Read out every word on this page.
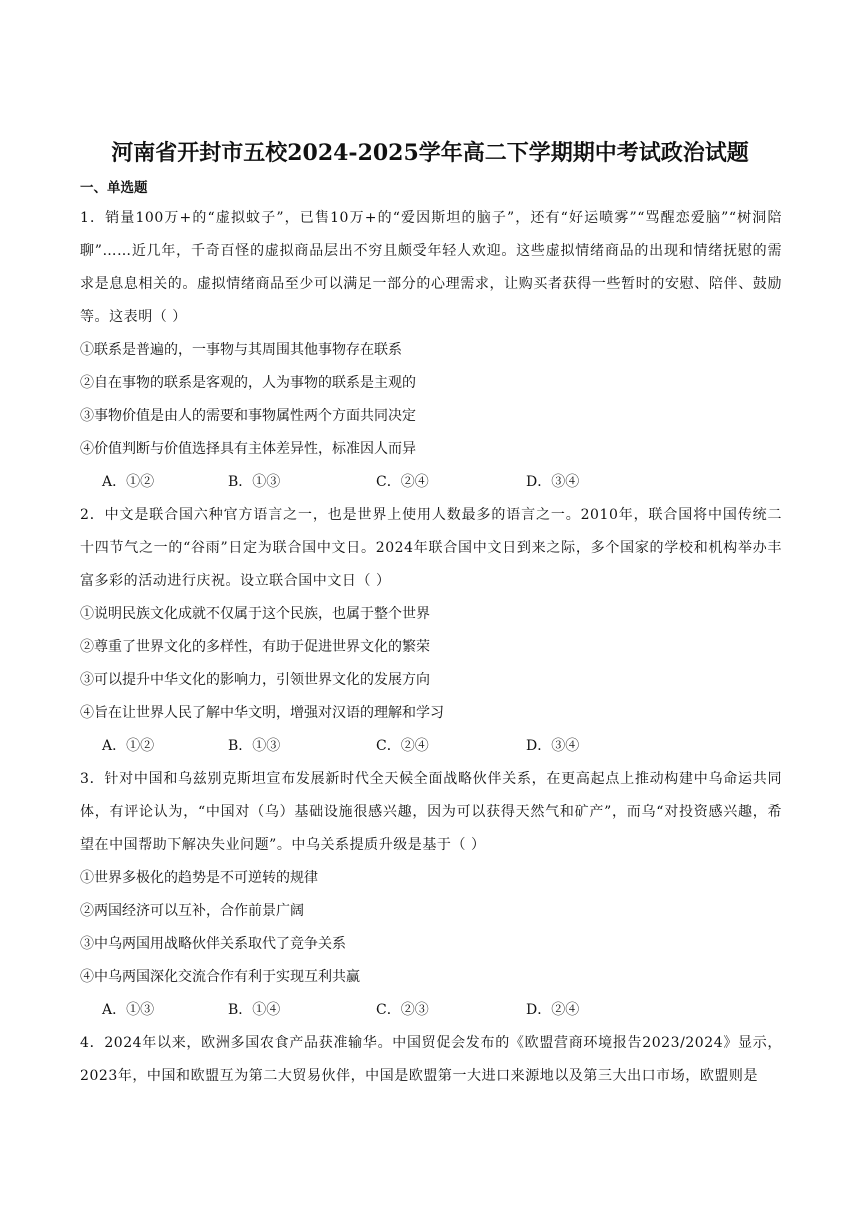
河南省开封市五校2024-2025学年高二下学期期中考试政治试题
一、单选题
1．销量100万+的“虚拟蚊子”，已售10万+的“爱因斯坦的脑子”，还有“好运喷雾”“骂醒恋爱脑”“树洞陪聊”……近几年，千奇百怪的虚拟商品层出不穷且颇受年轻人欢迎。这些虚拟情绪商品的出现和情绪抚慰的需求是息息相关的。虚拟情绪商品至少可以满足一部分的心理需求，让购买者获得一些暂时的安慰、陪伴、鼓励等。这表明（ ）
①联系是普遍的，一事物与其周围其他事物存在联系
②自在事物的联系是客观的，人为事物的联系是主观的
③事物价值是由人的需要和事物属性两个方面共同决定
④价值判断与价值选择具有主体差异性，标准因人而异
A．①②	B．①③	C．②④	D．③④
2．中文是联合国六种官方语言之一，也是世界上使用人数最多的语言之一。2010年，联合国将中国传统二十四节气之一的“谷雨”日定为联合国中文日。2024年联合国中文日到来之际，多个国家的学校和机构举办丰富多彩的活动进行庆祝。设立联合国中文日（ ）
①说明民族文化成就不仅属于这个民族，也属于整个世界
②尊重了世界文化的多样性，有助于促进世界文化的繁荣
③可以提升中华文化的影响力，引领世界文化的发展方向
④旨在让世界人民了解中华文明，增强对汉语的理解和学习
A．①②	B．①③	C．②④	D．③④
3．针对中国和乌兹别克斯坦宣布发展新时代全天候全面战略伙伴关系，在更高起点上推动构建中乌命运共同体，有评论认为，“中国对（乌）基础设施很感兴趣，因为可以获得天然气和矿产”，而乌“对投资感兴趣，希望在中国帮助下解决失业问题”。中乌关系提质升级是基于（ ）
①世界多极化的趋势是不可逆转的规律
②两国经济可以互补，合作前景广阔
③中乌两国用战略伙伴关系取代了竞争关系
④中乌两国深化交流合作有利于实现互利共赢
A．①③	B．①④	C．②③	D．②④
4．2024年以来，欧洲多国农食产品获准输华。中国贸促会发布的《欧盟营商环境报告2023/2024》显示，2023年，中国和欧盟互为第二大贸易伙伴，中国是欧盟第一大进口来源地以及第三大出口市场，欧盟则是
